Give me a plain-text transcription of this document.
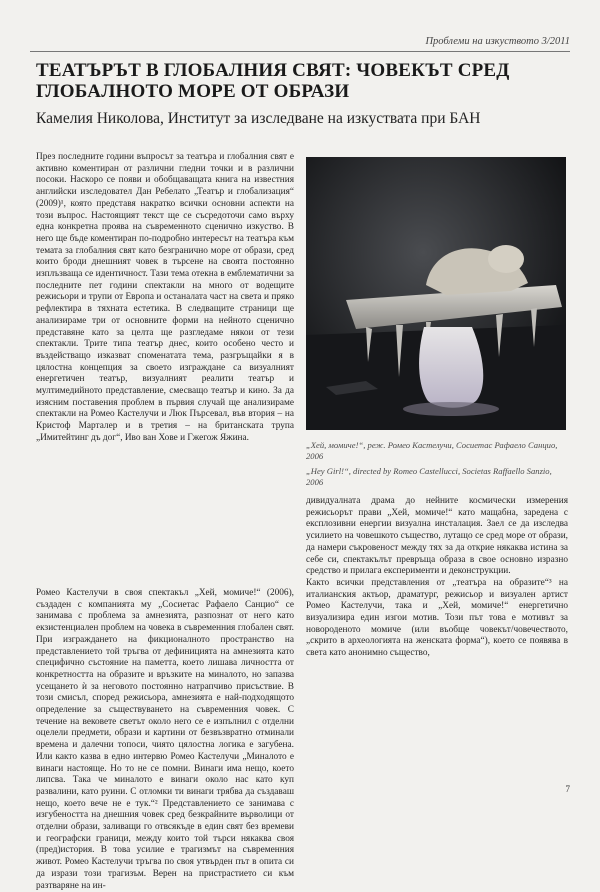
Проблеми на изкуството 3/2011
ТЕАТЪРЪТ В ГЛОБАЛНИЯ СВЯТ: ЧОВЕКЪТ СРЕД ГЛОБАЛНОТО МОРЕ ОТ ОБРАЗИ

Камелия Николова, Институт за изследване на изкуствата при БАН

През последните години въпросът за театъра и глобалния свят е активно коментиран от различни гледни точки и в различни посоки. Наскоро се появи и обобщаващата книга на известния английски изследовател Дан Ребелато „Театър и глобализация“ (2009)¹, която представя накратко всички основни аспекти на този въпрос. Настоящият текст ще се съсредоточи само върху една конкретна проява на съвременното сценично изкуство. В него ще бъде коментиран по-подробно интересът на театъра към темата за глобалния свят като безгранично море от образи, сред които броди днешният човек в търсене на своята постоянно изплъзваща се идентичност. Тази тема отекна в емблематични за последните пет години спектакли на много от водещите режисьори и трупи от Европа и останалата част на света и пряко рефлектира в тяхната естетика. В следващите страници ще анализираме три от основните форми на нейното сценично представяне като за целта ще разгледаме някои от тези спектакли. Трите типа театър днес, които особено често и въздействащо изказват споменатата тема, разгръщайки я в цялостна концепция за своето изграждане са визуалният енергетичен театър, визуалният реалити театър и мултимедийното представление, смесващо театър и кино. За да изясним поставения проблем в първия случай ще анализираме спектакли на Ромео Кастелучи и Люк Пърсевал, във втория – на Кристоф Марталер и в третия – на британската трупа „Имитейтинг дъ дог“, Иво ван Хове и Гжегож Яжина.

„Хей, момиче!“, реж. Ромео Кастелучи, Сосиетас Рафаело Санцио, 2006

„Hey Girl!“, directed by Romeo Castellucci, Societas Raffaello Sanzio, 2006

Ромео Кастелучи в своя спектакъл „Хей, момиче!“ (2006), създаден с компанията му „Сосиетас Рафаело Санцио“ се занимава с проблема за амнезията, разпознат от него като екзистенциален проблем на човека в съвременния глобален свят. При изграждането на фикционалното пространство на представлението той тръгва от дефиницията на амнезията като специфично състояние на паметта, което лишава личността от конкретността на образите и връзките на миналото, но запазва усещането ѝ за неговото постоянно натрапчиво присъствие. В този смисъл, според режисьора, амнезията е най-подходящото определение за съществуването на съвременния човек. С течение на вековете светът около него се е изпълнил с отделни оцелели предмети, образи и картини от безвъзвратно отминали времена и далечни топоси, чиято цялостна логика е загубена. Или както казва в едно интервю Ромео Кастелучи „Миналото е винаги настояще. Но то не се помни. Винаги има нещо, което липсва. Така че миналото е винаги около нас като куп развалини, като руини. С отломки ти винаги трябва да създаваш нещо, което вече не е тук.“² Представлението се занимава с изгубеността на днешния човек сред безкрайните върволици от отделни образи, заливащи го отвсякъде в един свят без времеви и географски граници, между които той търси някаква своя (пред)история. В това усилие е трагизмът на съвременния живот. Ромео Кастелучи тръгва по своя утвърден път в опита си да изрази този трагизъм. Верен на пристрастието си към разтваряне на ин-

дивидуалната драма до нейните космически измерения режисьорът прави „Хей, момиче!“ като мащабна, заредена с експлозивни енергии визуална инсталация. Заел се да изследва усилието на човешкото същество, лутащо се сред море от образи, да намери съкровеност между тях за да открие някаква истина за себе си, спектакълът превръща образа в свое основно изразно средство и прилага експерименти и деконструкции.

Както всички представления от „театъра на образите“³ на италианския актьор, драматург, режисьор и визуален артист Ромео Кастелучи, така и „Хей, момиче!“ енергетично визуализира един изгои мотив. Този път това е мотивът за новороденото момиче (или въобще човекът/човечеството, „скрито в археологията на женската форма“), което се появява в света като анонимно същество,

7
